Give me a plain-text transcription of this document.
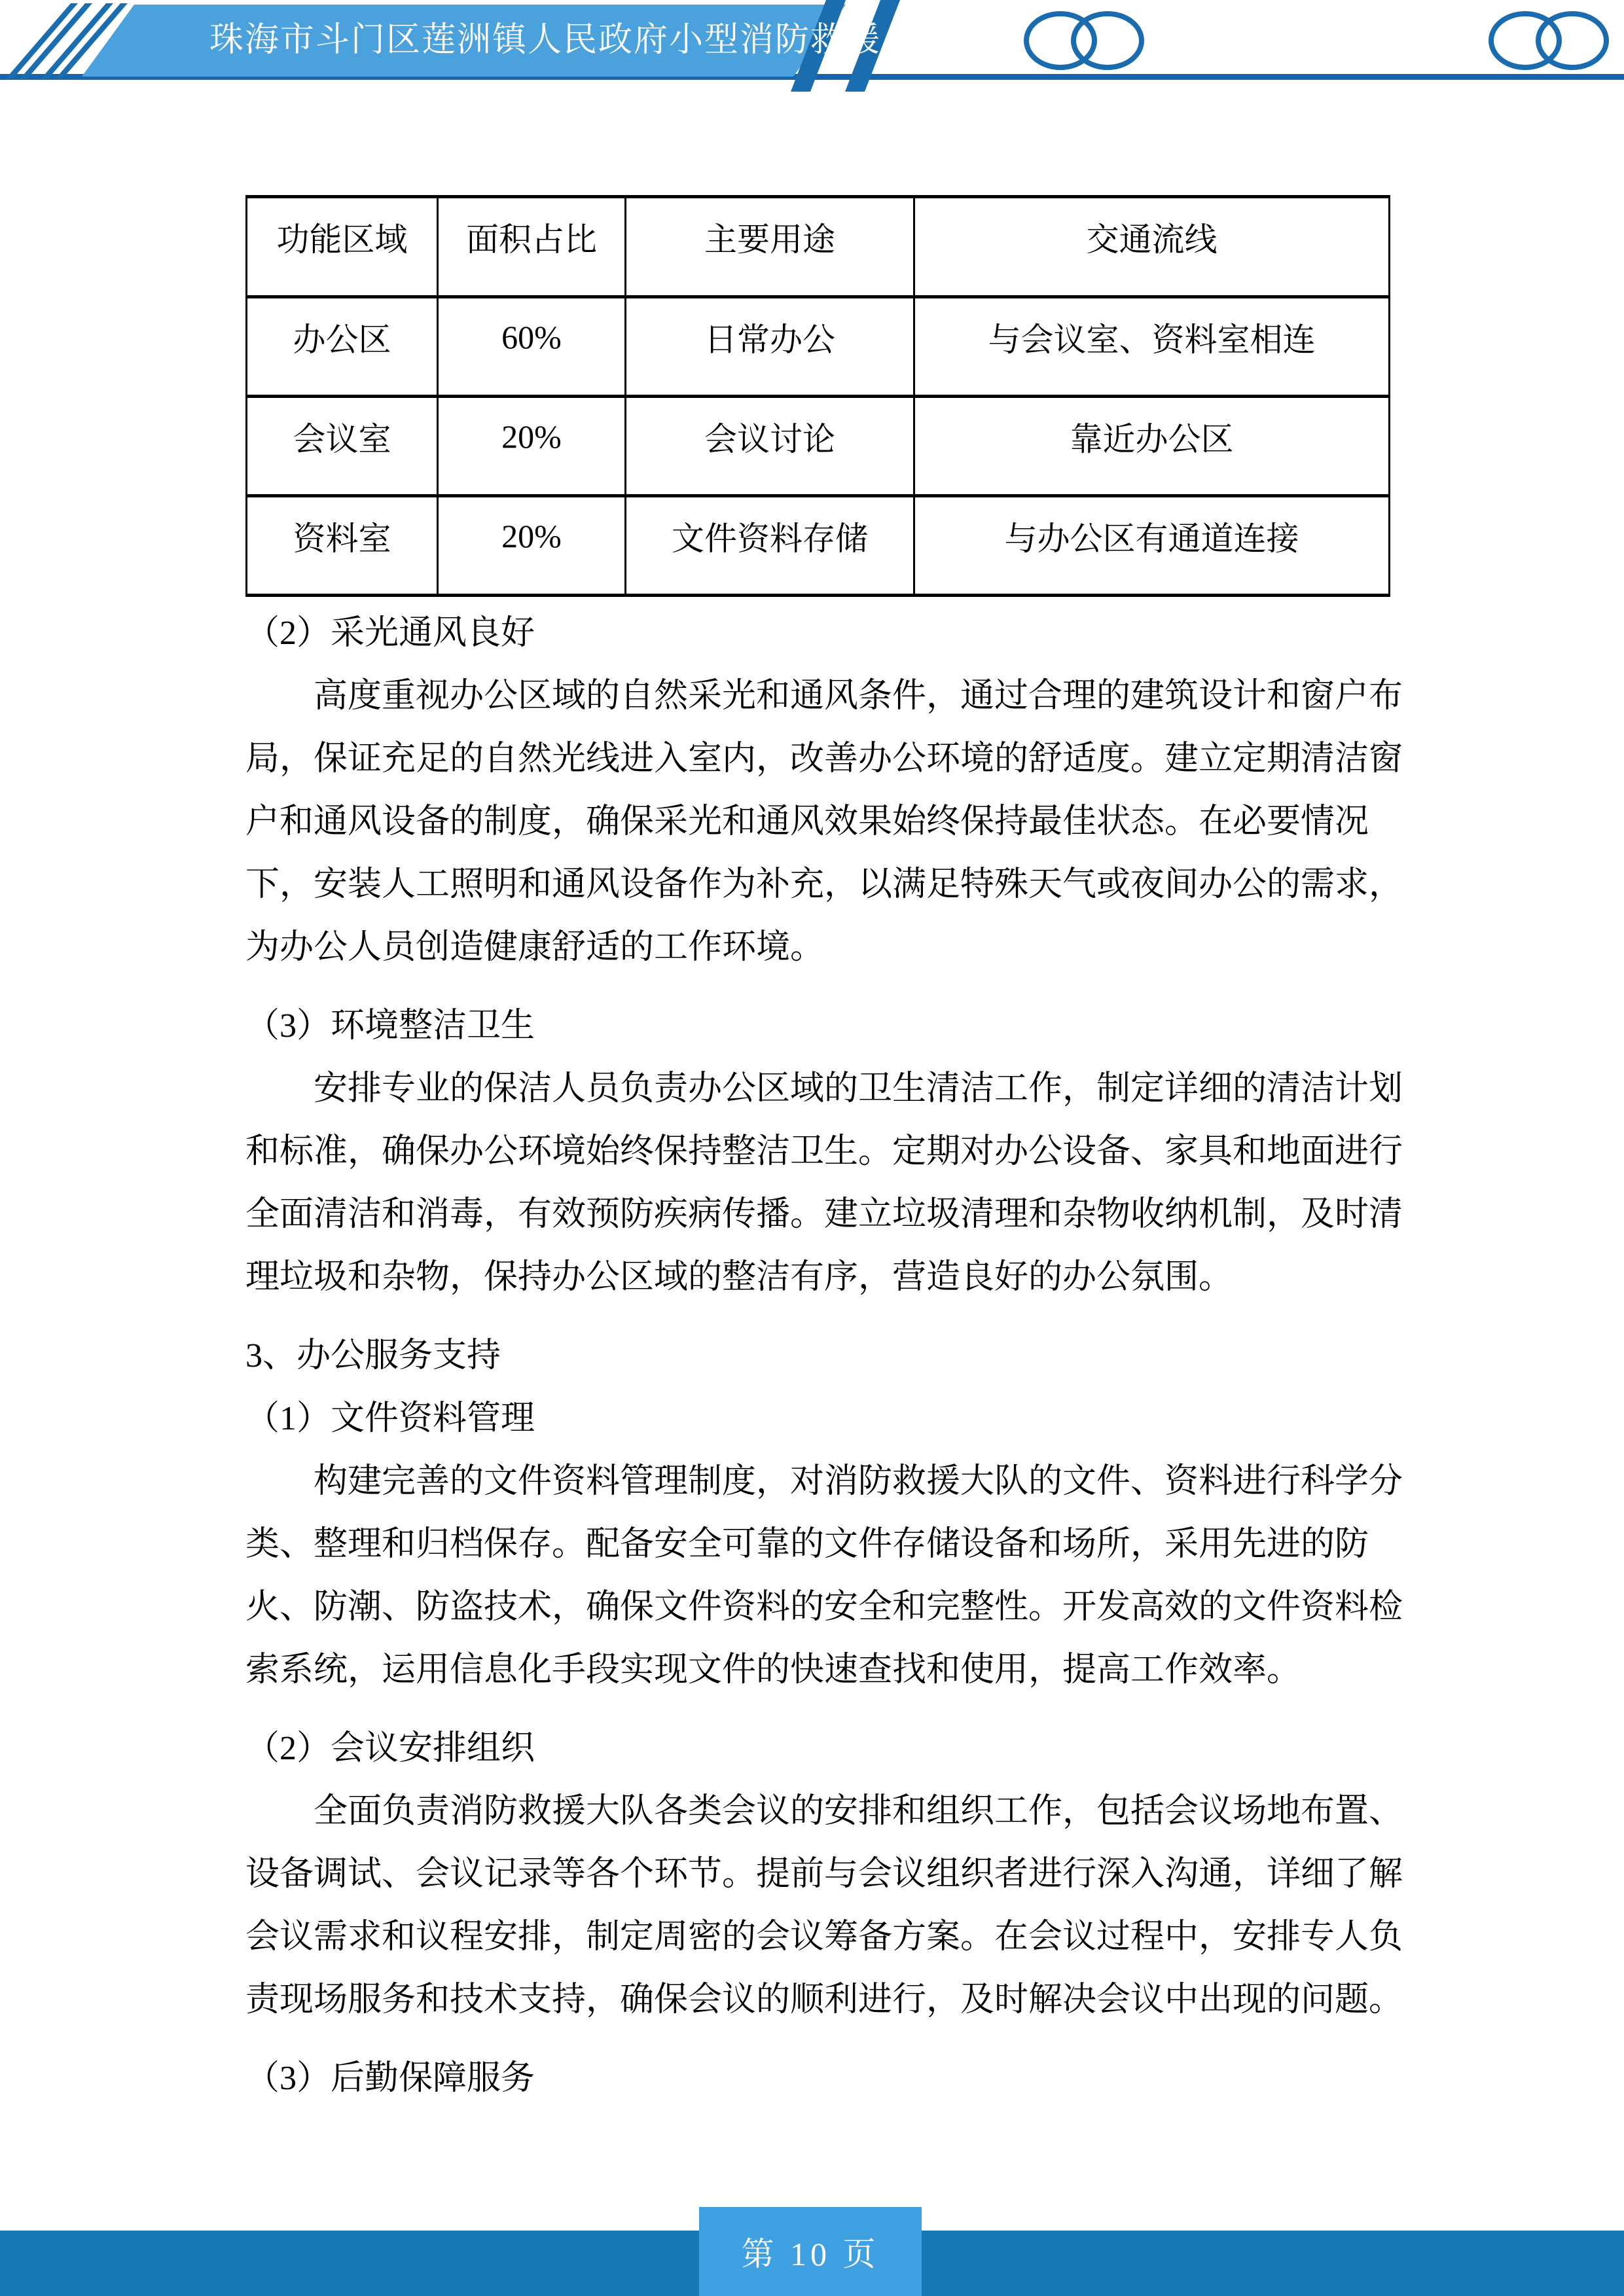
珠海市斗门区莲洲镇人民政府小型消防救援
功能区域	面积占比	主要用途	交通流线
办公区	60%	日常办公	与会议室、资料室相连
会议室	20%	会议讨论	靠近办公区
资料室	20%	文件资料存储	与办公区有通道连接
（2）采光通风良好
高度重视办公区域的自然采光和通风条件，通过合理的建筑设计和窗户布
局，保证充足的自然光线进入室内，改善办公环境的舒适度。建立定期清洁窗
户和通风设备的制度，确保采光和通风效果始终保持最佳状态。在必要情况
下，安装人工照明和通风设备作为补充，以满足特殊天气或夜间办公的需求，
为办公人员创造健康舒适的工作环境。
（3）环境整洁卫生
安排专业的保洁人员负责办公区域的卫生清洁工作，制定详细的清洁计划
和标准，确保办公环境始终保持整洁卫生。定期对办公设备、家具和地面进行
全面清洁和消毒，有效预防疾病传播。建立垃圾清理和杂物收纳机制，及时清
理垃圾和杂物，保持办公区域的整洁有序，营造良好的办公氛围。
3、办公服务支持
（1）文件资料管理
构建完善的文件资料管理制度，对消防救援大队的文件、资料进行科学分
类、整理和归档保存。配备安全可靠的文件存储设备和场所，采用先进的防
火、防潮、防盗技术，确保文件资料的安全和完整性。开发高效的文件资料检
索系统，运用信息化手段实现文件的快速查找和使用，提高工作效率。
（2）会议安排组织
全面负责消防救援大队各类会议的安排和组织工作，包括会议场地布置、
设备调试、会议记录等各个环节。提前与会议组织者进行深入沟通，详细了解
会议需求和议程安排，制定周密的会议筹备方案。在会议过程中，安排专人负
责现场服务和技术支持，确保会议的顺利进行，及时解决会议中出现的问题。
（3）后勤保障服务
第 10 页
